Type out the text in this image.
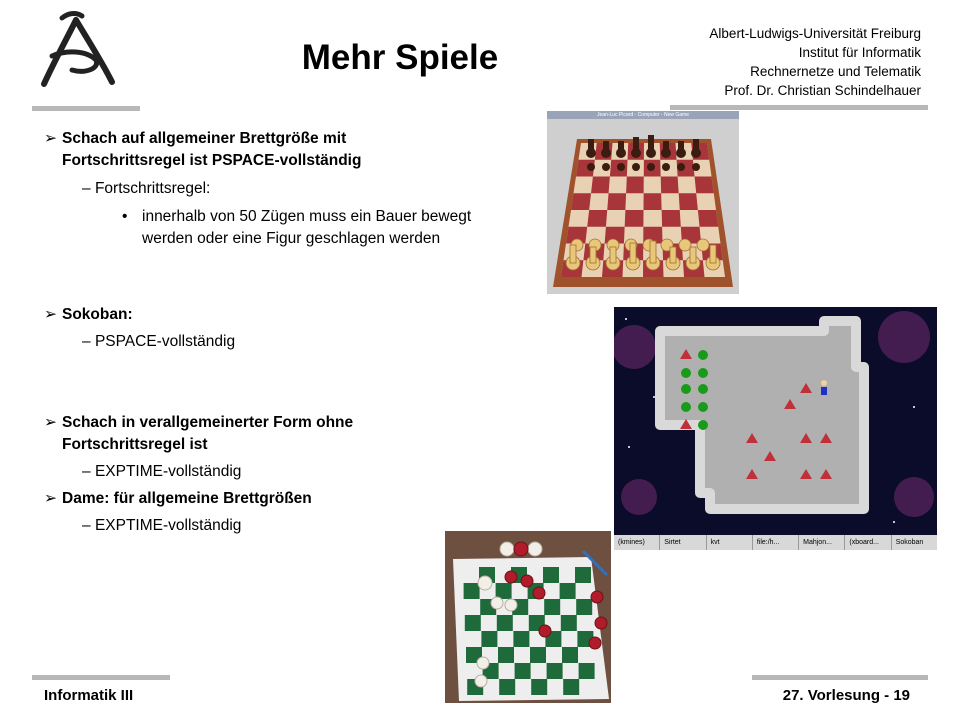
Mehr Spiele
Albert-Ludwigs-Universität Freiburg
Institut für Informatik
Rechnernetze und Telematik
Prof. Dr. Christian Schindelhauer
➢ Schach auf allgemeiner Brettgröße mit Fortschrittsregel ist PSPACE-vollständig
– Fortschrittsregel:
• innerhalb von 50 Zügen muss ein Bauer bewegt werden oder eine Figur geschlagen werden
➢ Sokoban:
– PSPACE-vollständig
➢ Schach in verallgemeinerter Form ohne Fortschrittsregel ist
– EXPTIME-vollständig
➢ Dame: für allgemeine Brettgrößen
– EXPTIME-vollständig
Jean-Luc Picard - Computer - New Game
(kmines)	Sirtet	kvt	file:/h...	Mahjon...	(xboard...	Sokoban
Informatik III	27. Vorlesung - 19
